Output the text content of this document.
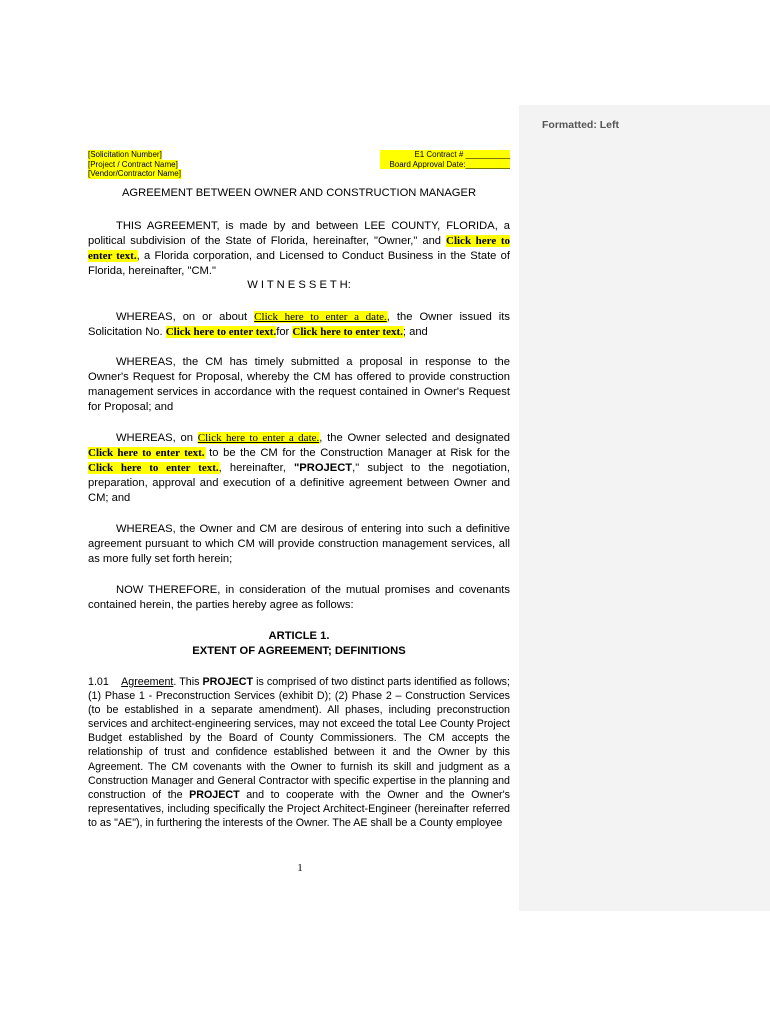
[Solicitation Number]
[Project / Contract Name]
[Vendor/Contractor Name]
E1 Contract # __________
Board Approval Date:__________
AGREEMENT BETWEEN OWNER AND CONSTRUCTION MANAGER
THIS AGREEMENT, is made by and between LEE COUNTY, FLORIDA, a political subdivision of the State of Florida, hereinafter, "Owner," and Click here to enter text., a Florida corporation, and Licensed to Conduct Business in the State of Florida, hereinafter, "CM."
W I T N E S S E T H:
WHEREAS, on or about Click here to enter a date., the Owner issued its Solicitation No. Click here to enter text.for Click here to enter text.; and
WHEREAS, the CM has timely submitted a proposal in response to the Owner's Request for Proposal, whereby the CM has offered to provide construction management services in accordance with the request contained in Owner's Request for Proposal; and
WHEREAS, on Click here to enter a date., the Owner selected and designated Click here to enter text. to be the CM for the Construction Manager at Risk for the Click here to enter text., hereinafter, "PROJECT," subject to the negotiation, preparation, approval and execution of a definitive agreement between Owner and CM; and
WHEREAS, the Owner and CM are desirous of entering into such a definitive agreement pursuant to which CM will provide construction management services, all as more fully set forth herein;
NOW THEREFORE, in consideration of the mutual promises and covenants contained herein, the parties hereby agree as follows:
ARTICLE 1.
EXTENT OF AGREEMENT; DEFINITIONS
1.01 Agreement. This PROJECT is comprised of two distinct parts identified as follows; (1) Phase 1 - Preconstruction Services (exhibit D); (2) Phase 2 – Construction Services (to be established in a separate amendment). All phases, including preconstruction services and architect-engineering services, may not exceed the total Lee County Project Budget established by the Board of County Commissioners. The CM accepts the relationship of trust and confidence established between it and the Owner by this Agreement. The CM covenants with the Owner to furnish its skill and judgment as a Construction Manager and General Contractor with specific expertise in the planning and construction of the PROJECT and to cooperate with the Owner and the Owner's representatives, including specifically the Project Architect-Engineer (hereinafter referred to as "AE"), in furthering the interests of the Owner. The AE shall be a County employee
1
Formatted: Left
